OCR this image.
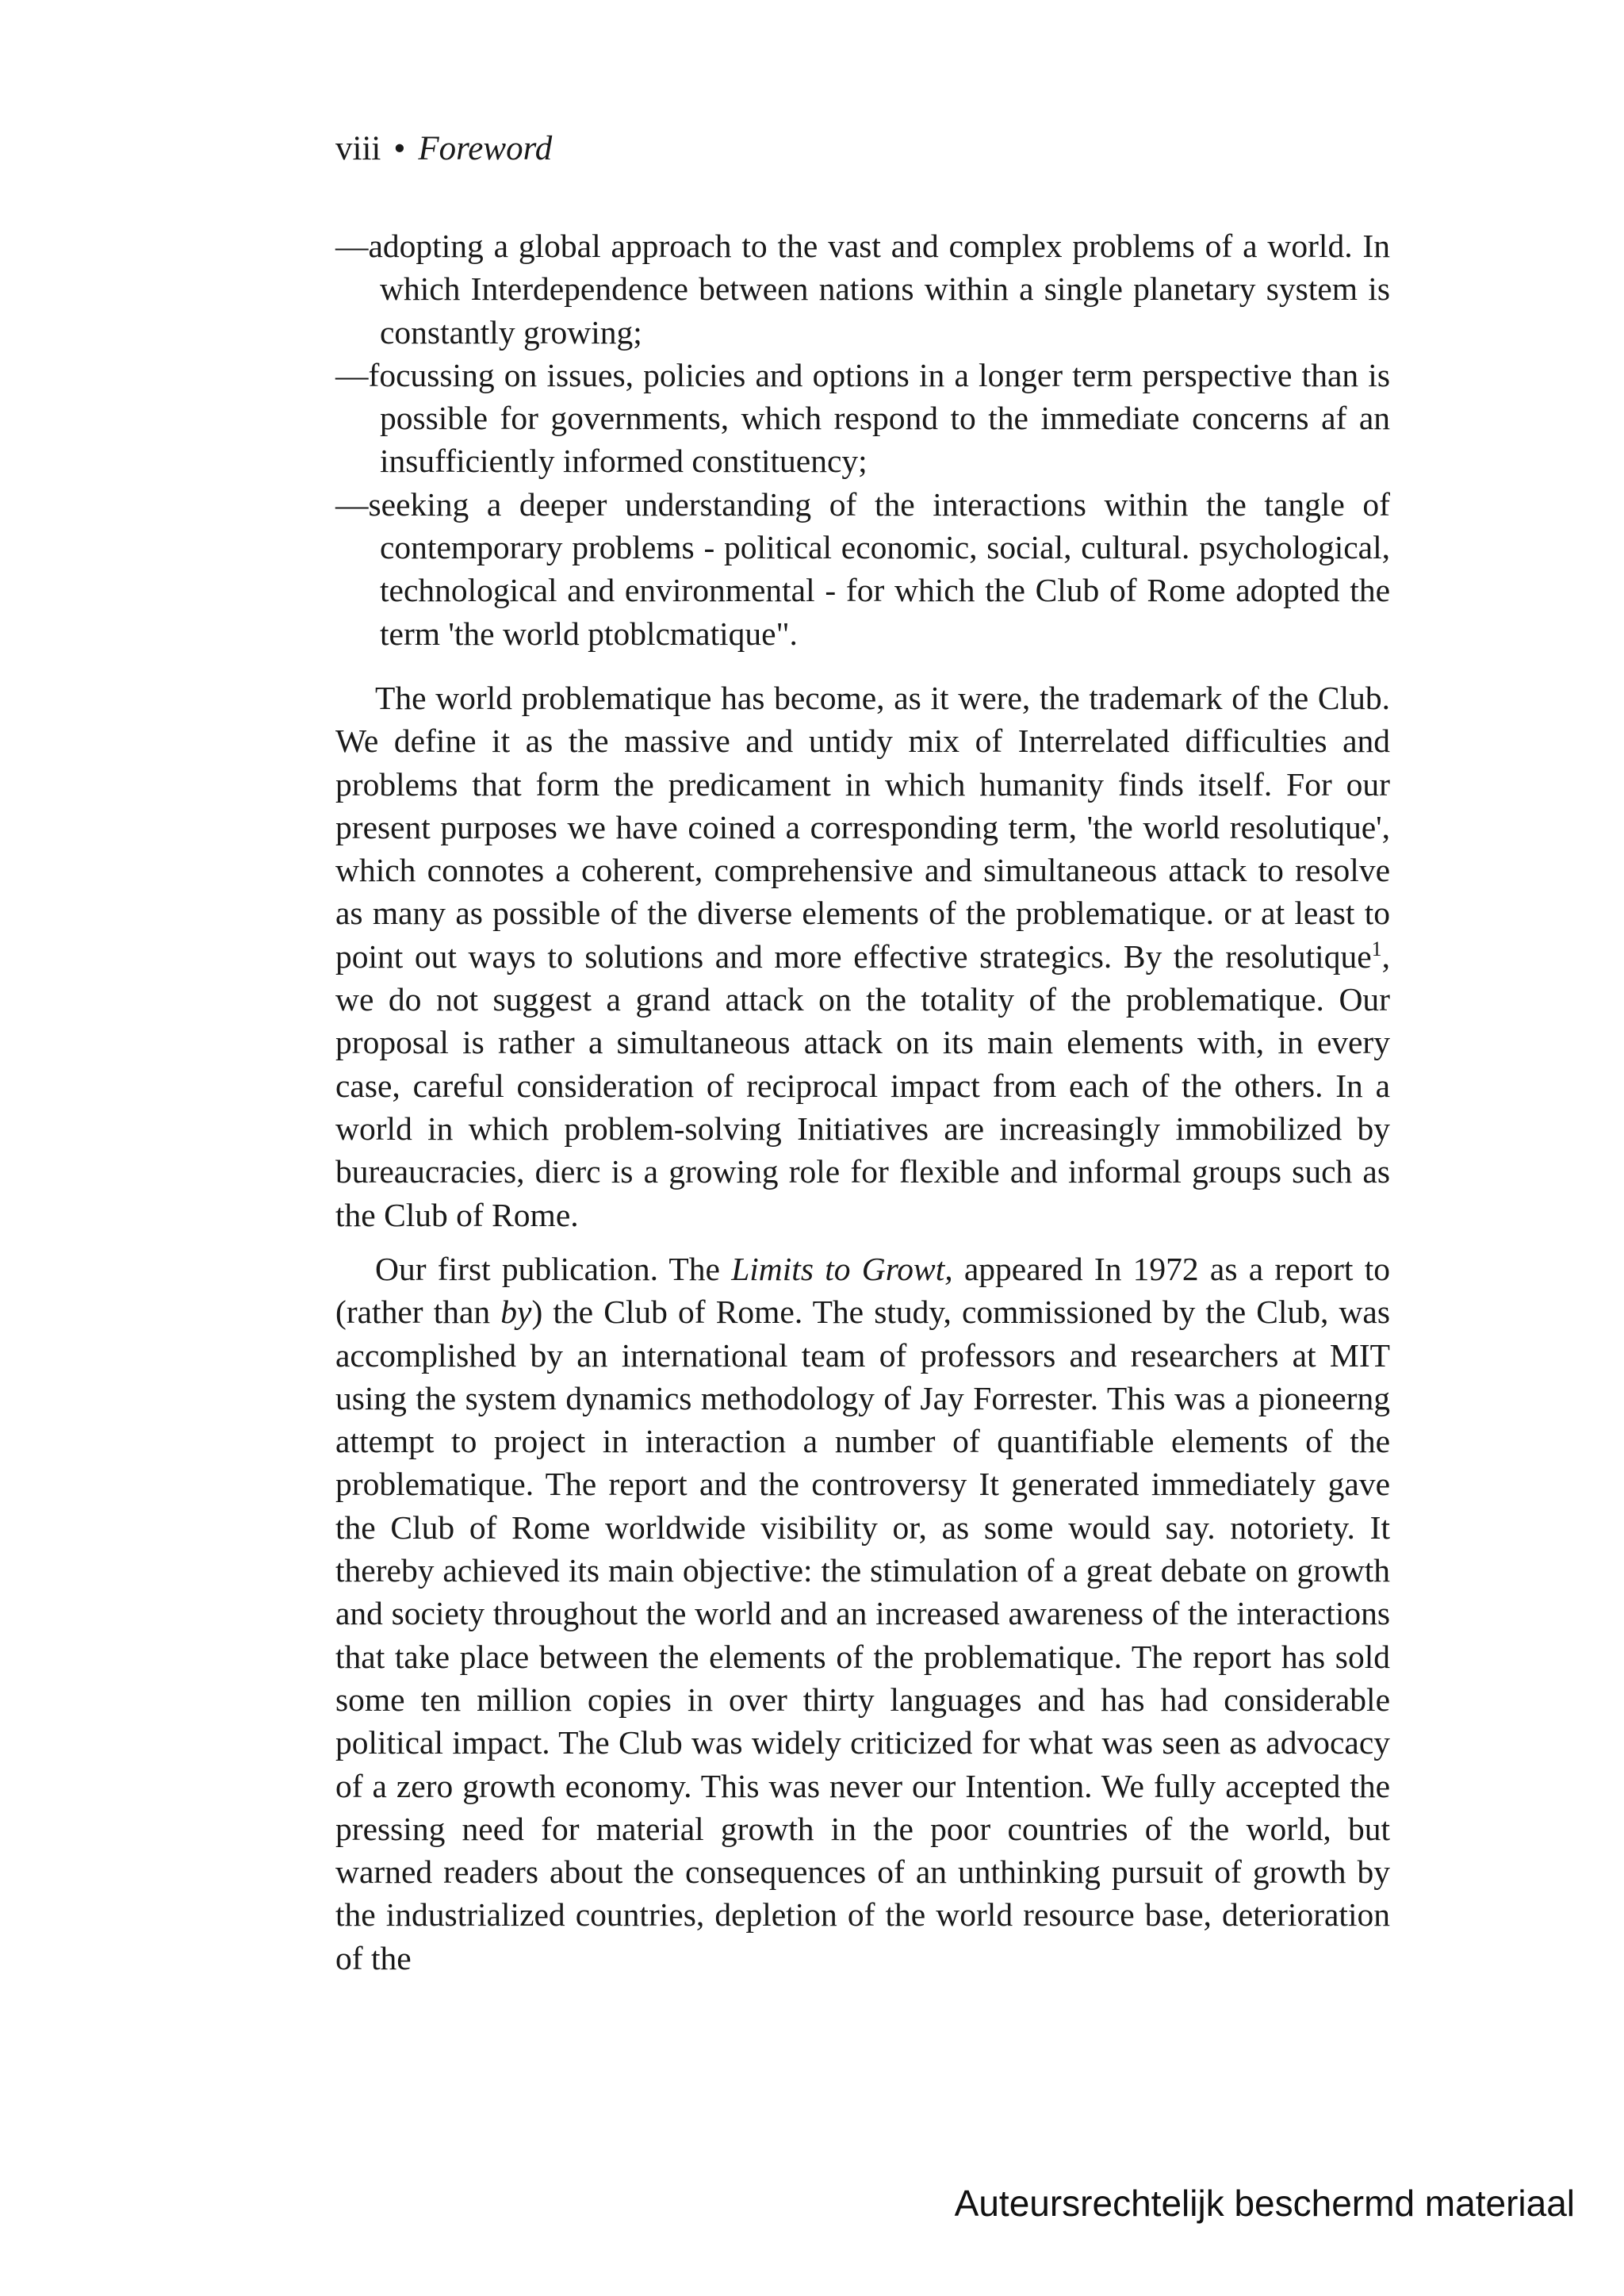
viii • Foreword
—adopting a global approach to the vast and complex problems of a world. In which Interdependence between nations within a single planetary system is constantly growing;
—focussing on issues, policies and options in a longer term perspective than is possible for governments, which respond to the immediate concerns af an insufficiently informed constituency;
—seeking a deeper understanding of the interactions within the tangle of contemporary problems - political economic, social, cultural. psychological, technological and environmental - for which the Club of Rome adopted the term 'the world ptoblcmatique".

The world problematique has become, as it were, the trademark of the Club. We define it as the massive and untidy mix of Interrelated difficulties and problems that form the predicament in which humanity finds itself. For our present purposes we have coined a corresponding term, 'the world resolutique', which connotes a coherent, comprehensive and simultaneous attack to resolve as many as possible of the diverse elements of the problematique. or at least to point out ways to solutions and more effective strategics. By the resolutique$^1$, we do not suggest a grand attack on the totality of the problematique. Our proposal is rather a simultaneous attack on its main elements with, in every case, careful consideration of reciprocal impact from each of the others. In a world in which problem-solving Initiatives are increasingly immobilized by bureaucracies, dierc is a growing role for flexible and informal groups such as the Club of Rome.

Our first publication. The Limits to Growt, appeared In 1972 as a report to (rather than by) the Club of Rome. The study, commissioned by the Club, was accomplished by an international team of professors and researchers at MIT using the system dynamics methodology of Jay Forrester. This was a pioneerng attempt to project in interaction a number of quantifiable elements of the problematique. The report and the controversy It generated immediately gave the Club of Rome worldwide visibility or, as some would say. notoriety. It thereby achieved its main objective: the stimulation of a great debate on growth and society throughout the world and an increased awareness of the interactions that take place between the elements of the problematique. The report has sold some ten million copies in over thirty languages and has had considerable political impact. The Club was widely criticized for what was seen as advocacy of a zero growth economy. This was never our Intention. We fully accepted the pressing need for material growth in the poor countries of the world, but warned readers about the consequences of an unthinking pursuit of growth by the industrialized countries, depletion of the world resource base, deterioration of the

Auteursrechtelijk beschermd materiaal
